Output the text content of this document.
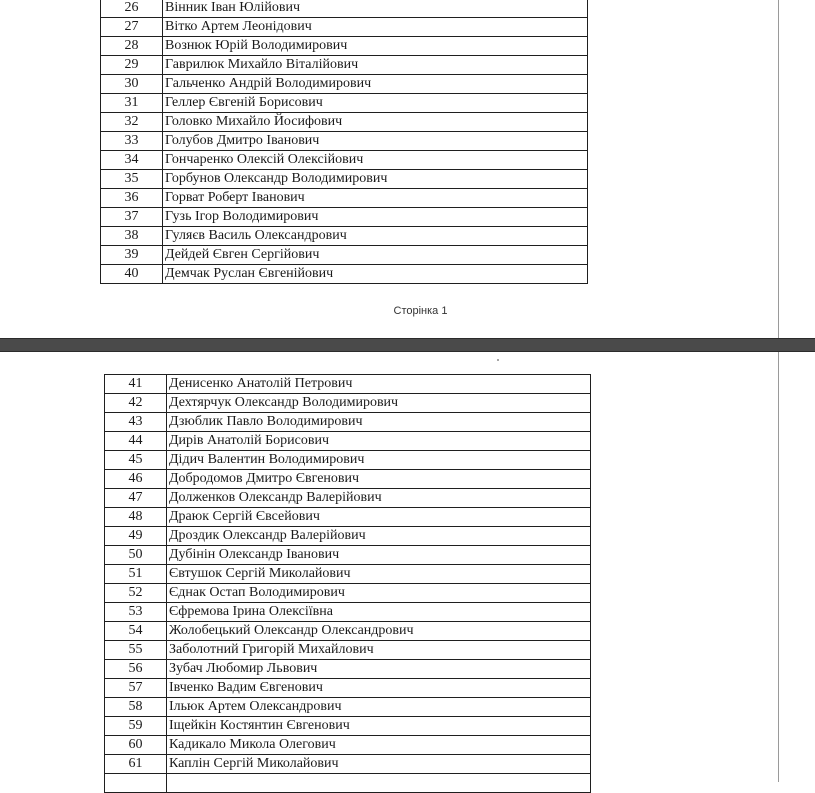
26	Вінник Іван Юлійович
27	Вітко Артем Леонідович
28	Вознюк Юрій Володимирович
29	Гаврилюк Михайло Віталійович
30	Гальченко Андрій Володимирович
31	Геллер Євгеній Борисович
32	Головко Михайло Йосифович
33	Голубов Дмитро Іванович
34	Гончаренко Олексій Олексійович
35	Горбунов Олександр Володимирович
36	Горват Роберт Іванович
37	Гузь Ігор Володимирович
38	Гуляєв Василь Олександрович
39	Дейдей Євген Сергійович
40	Демчак Руслан Євгенійович
Сторінка 1
41	Денисенко Анатолій Петрович
42	Дехтярчук Олександр Володимирович
43	Дзюблик Павло Володимирович
44	Дирів Анатолій Борисович
45	Дідич Валентин Володимирович
46	Добродомов Дмитро Євгенович
47	Долженков Олександр Валерійович
48	Драюк Сергій Євсейович
49	Дроздик Олександр Валерійович
50	Дубінін Олександр Іванович
51	Євтушок Сергій Миколайович
52	Єднак Остап Володимирович
53	Єфремова Ірина Олексіївна
54	Жолобецький Олександр Олександрович
55	Заболотний Григорій Михайлович
56	Зубач Любомир Львович
57	Івченко Вадим Євгенович
58	Ільюк Артем Олександрович
59	Іщейкін Костянтин Євгенович
60	Кадикало Микола Олегович
61	Каплін Сергій Миколайович
